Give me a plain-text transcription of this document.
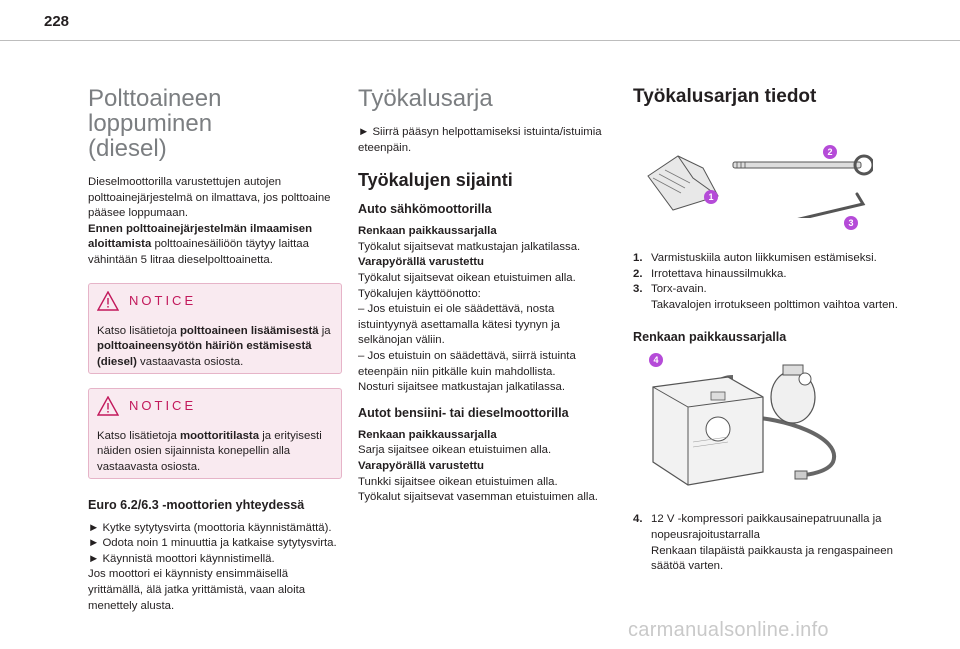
228
Polttoaineen loppuminen
(diesel)

Dieselmoottorilla varustettujen autojen polttoainejärjestelmä on ilmattava, jos polttoaine pääsee loppumaan.

Ennen polttoainejärjestelmän ilmaamisen aloittamista polttoainesäiliöön täytyy laittaa vähintään 5 litraa dieselpolttoainetta.

NOTICE

Katso lisätietoja polttoaineen lisäämisestä ja polttoaineensyötön häiriön estämisestä (diesel) vastaavasta osiosta.

NOTICE

Katso lisätietoja moottoritilasta ja erityisesti näiden osien sijainnista konepellin alla vastaavasta osiosta.

Euro 6.2/6.3 -moottorien yhteydessä

► Kytke sytytysvirta (moottoria käynnistämättä).

► Odota noin 1 minuuttia ja katkaise sytytysvirta.

► Käynnistä moottori käynnistimellä.

Jos moottori ei käynnisty ensimmäisellä yrittämällä, älä jatka yrittämistä, vaan aloita menettely alusta.

Työkalusarja

► Siirrä pääsyn helpottamiseksi istuinta/istuimia eteenpäin.

Työkalujen sijainti
Auto sähkömoottorilla

Renkaan paikkaussarjalla

Työkalut sijaitsevat matkustajan jalkatilassa.

Varapyörällä varustettu

Työkalut sijaitsevat oikean etuistuimen alla.

Työkalujen käyttöönotto:

– Jos etuistuin ei ole säädettävä, nosta istuintyynyä asettamalla kätesi tyynyn ja selkänojan väliin.

– Jos etuistuin on säädettävä, siirrä istuinta eteenpäin niin pitkälle kuin mahdollista.

Nosturi sijaitsee matkustajan jalkatilassa.

Autot bensiini- tai dieselmoottorilla

Renkaan paikkaussarjalla

Sarja sijaitsee oikean etuistuimen alla.

Varapyörällä varustettu

Tunkki sijaitsee oikean etuistuimen alla.

Työkalut sijaitsevat vasemman etuistuimen alla.

Työkalusarjan tiedot
1
2
3
1. Varmistuskiila auton liikkumisen estämiseksi.
2. Irrotettava hinaussilmukka.
3. Torx-avain.
Takavalojen irrotukseen polttimon vaihtoa varten.
Renkaan paikkaussarjalla
4
4. 12 V -kompressori paikkausainepatruunalla ja nopeusrajoitustarralla
Renkaan tilapäistä paikkausta ja rengaspaineen säätöä varten.
carmanualsonline.info
